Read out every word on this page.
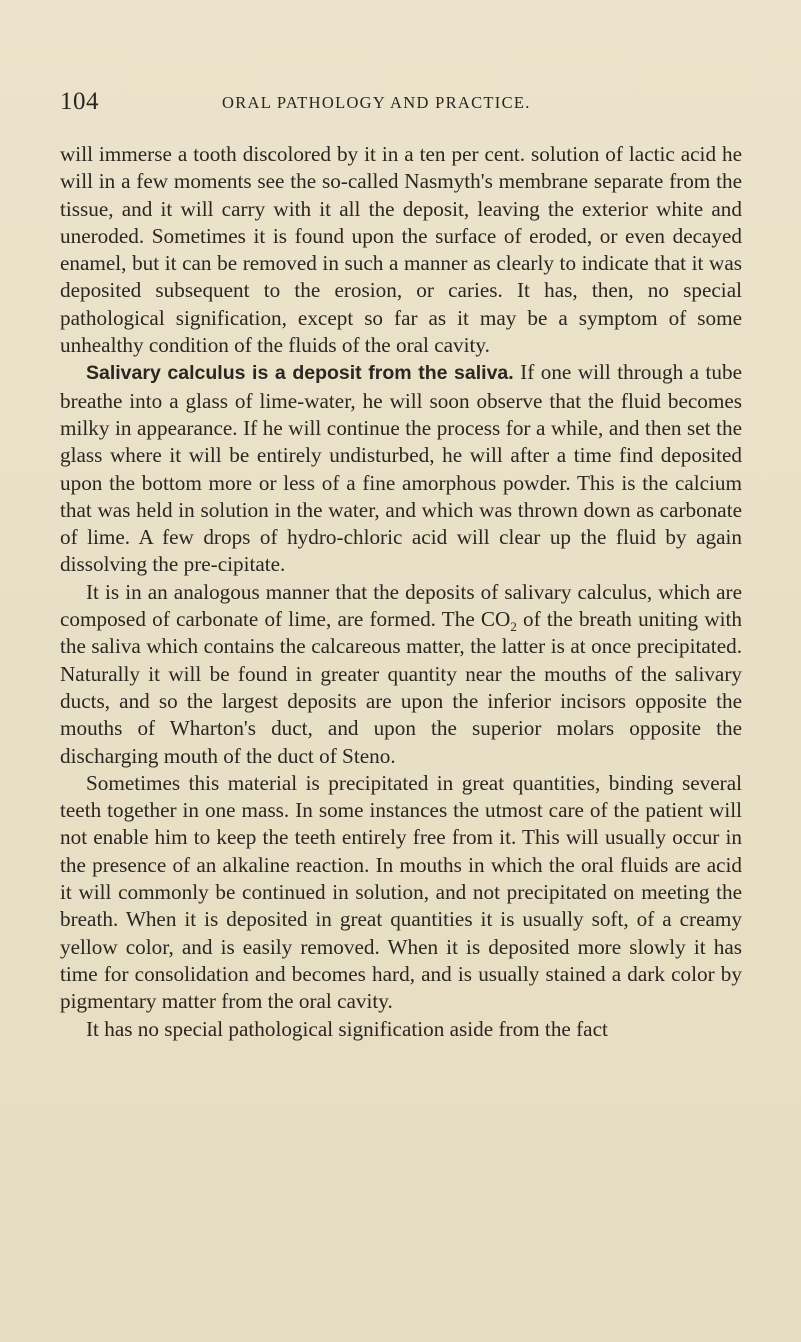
104	ORAL PATHOLOGY AND PRACTICE.

will immerse a tooth discolored by it in a ten per cent. solution of lactic acid he will in a few moments see the so-called Nasmyth's membrane separate from the tissue, and it will carry with it all the deposit, leaving the exterior white and uneroded. Sometimes it is found upon the surface of eroded, or even decayed enamel, but it can be removed in such a manner as clearly to indicate that it was deposited subsequent to the erosion, or caries. It has, then, no special pathological signification, except so far as it may be a symptom of some unhealthy condition of the fluids of the oral cavity.

Salivary calculus is a deposit from the saliva. If one will through a tube breathe into a glass of lime-water, he will soon observe that the fluid becomes milky in appearance. If he will continue the process for a while, and then set the glass where it will be entirely undisturbed, he will after a time find deposited upon the bottom more or less of a fine amorphous powder. This is the calcium that was held in solution in the water, and which was thrown down as carbonate of lime. A few drops of hydro-chloric acid will clear up the fluid by again dissolving the pre-cipitate.

It is in an analogous manner that the deposits of salivary calculus, which are composed of carbonate of lime, are formed. The $CO_2$ of the breath uniting with the saliva which contains the calcareous matter, the latter is at once precipitated. Naturally it will be found in greater quantity near the mouths of the salivary ducts, and so the largest deposits are upon the inferior incisors opposite the mouths of Wharton's duct, and upon the superior molars opposite the discharging mouth of the duct of Steno.

Sometimes this material is precipitated in great quantities, binding several teeth together in one mass. In some instances the utmost care of the patient will not enable him to keep the teeth entirely free from it. This will usually occur in the presence of an alkaline reaction. In mouths in which the oral fluids are acid it will commonly be continued in solution, and not precipitated on meeting the breath. When it is deposited in great quantities it is usually soft, of a creamy yellow color, and is easily removed. When it is deposited more slowly it has time for consolidation and becomes hard, and is usually stained a dark color by pigmentary matter from the oral cavity.

It has no special pathological signification aside from the fact
